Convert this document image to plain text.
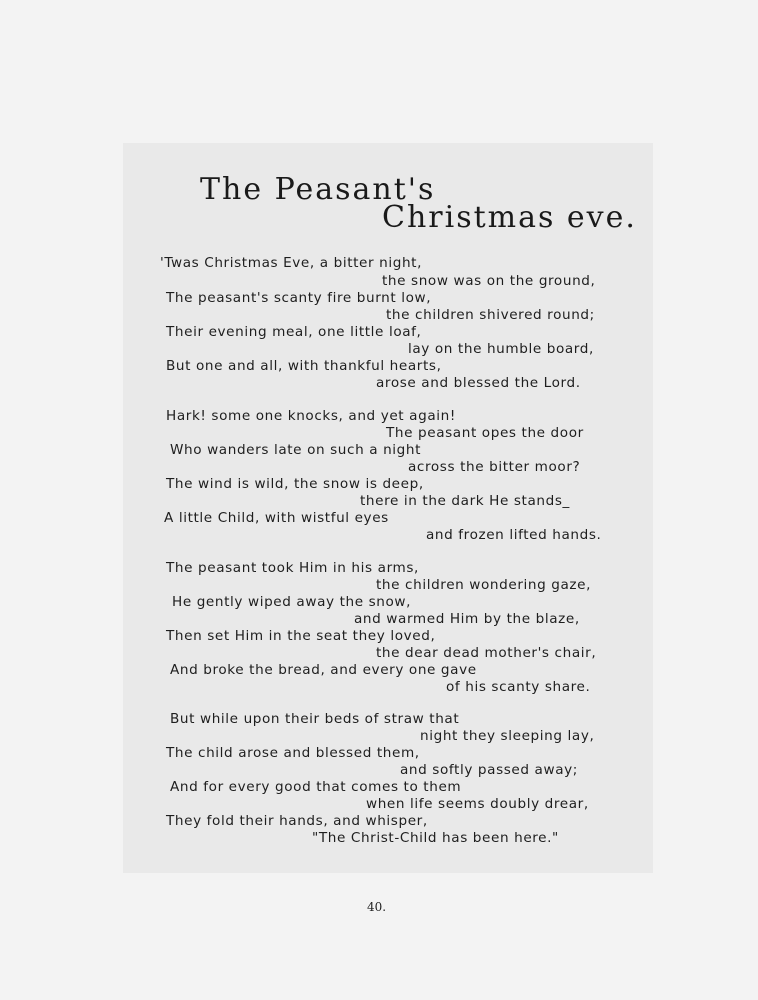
The Peasant's
Christmas eve.
'Twas Christmas Eve, a bitter night,
the snow was on the ground,
The peasant's scanty fire burnt low,
the children shivered round;
Their evening meal, one little loaf,
lay on the humble board,
But one and all, with thankful hearts,
arose and blessed the Lord.
Hark! some one knocks, and yet again!
The peasant opes the door
Who wanders late on such a night
across the bitter moor?
The wind is wild, the snow is deep,
there in the dark He stands_
A little Child, with wistful eyes
and frozen lifted hands.
The peasant took Him in his arms,
the children wondering gaze,
He gently wiped away the snow,
and warmed Him by the blaze,
Then set Him in the seat they loved,
the dear dead mother's chair,
And broke the bread, and every one gave
of his scanty share.
But while upon their beds of straw that
night they sleeping lay,
The child arose and blessed them,
and softly passed away;
And for every good that comes to them
when life seems doubly drear,
They fold their hands, and whisper,
"The Christ-Child has been here."
40.
